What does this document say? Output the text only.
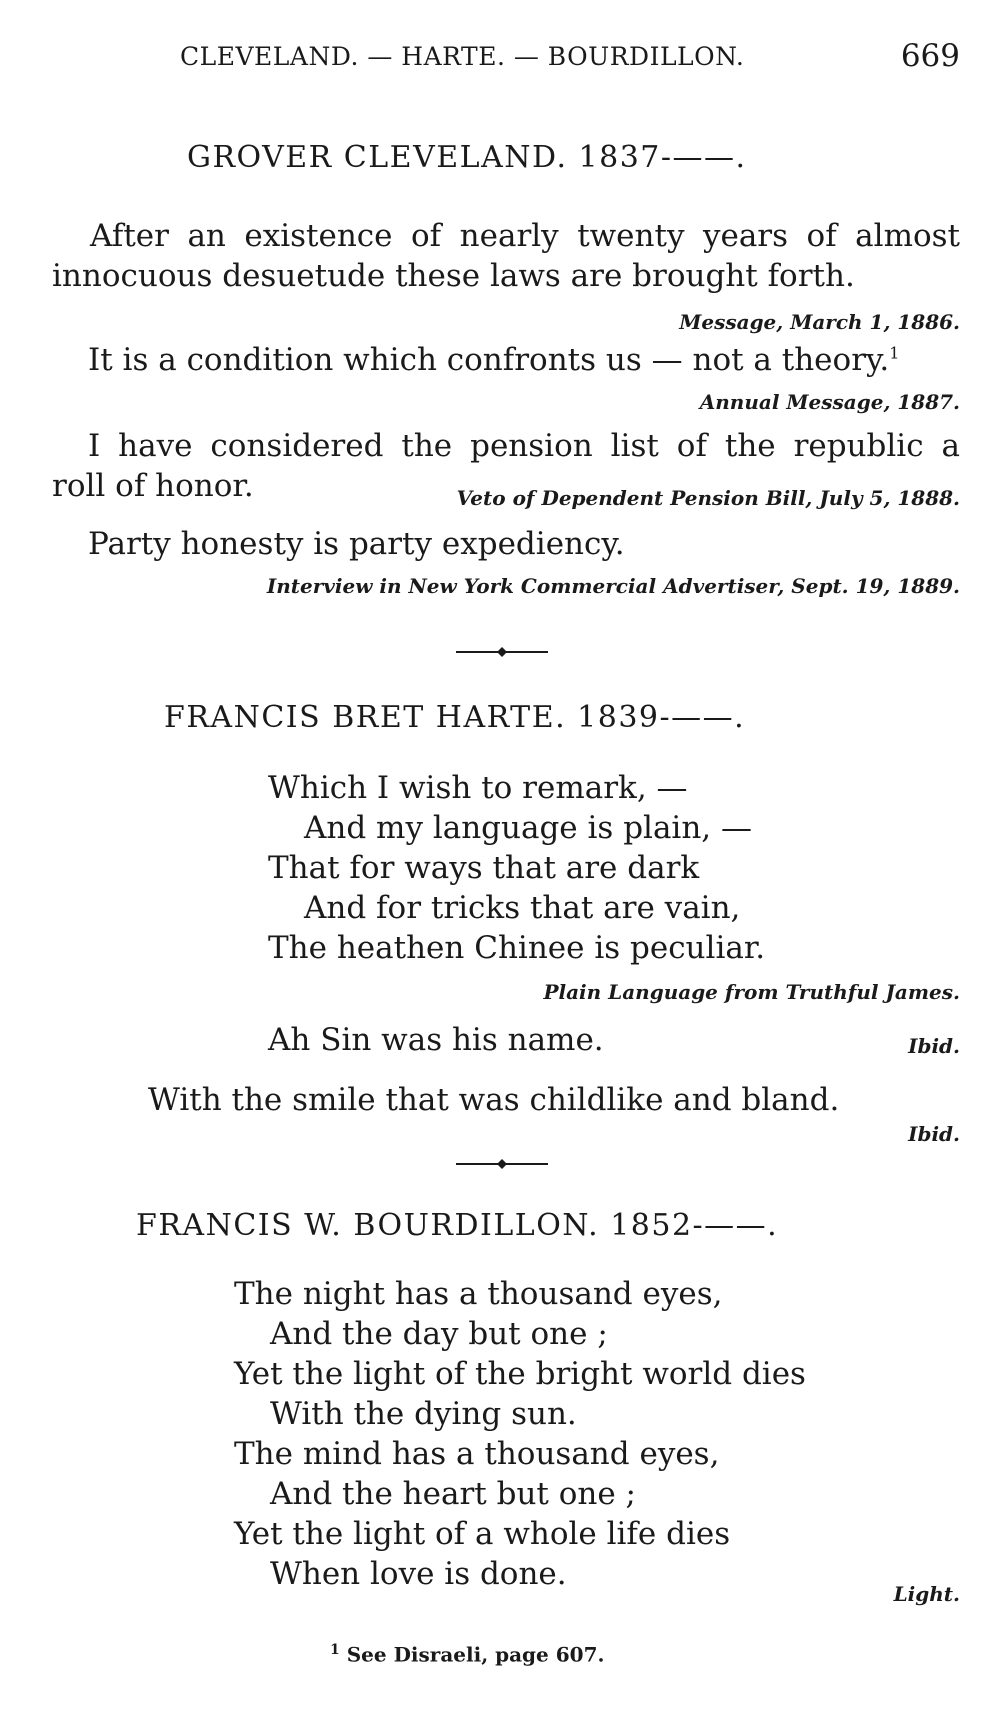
CLEVELAND. — HARTE. — BOURDILLON.	669
GROVER CLEVELAND. 1837-——.
After an existence of nearly twenty years of almost
innocuous desuetude these laws are brought forth.
Message, March 1, 1886.
It is a condition which confronts us — not a theory.$^1$
Annual Message, 1887.
I have considered the pension list of the republic a
roll of honor.	Veto of Dependent Pension Bill, July 5, 1888.
Party honesty is party expediency.
Interview in New York Commercial Advertiser, Sept. 19, 1889.
FRANCIS BRET HARTE. 1839-——.
Which I wish to remark, —
And my language is plain, —
That for ways that are dark
And for tricks that are vain,
The heathen Chinee is peculiar.
Plain Language from Truthful James.
Ah Sin was his name.	Ibid.
With the smile that was childlike and bland.
Ibid.
FRANCIS W. BOURDILLON. 1852-——.
The night has a thousand eyes,
And the day but one ;
Yet the light of the bright world dies
With the dying sun.
The mind has a thousand eyes,
And the heart but one ;
Yet the light of a whole life dies
When love is done.
Light.
$^1$ See Disraeli, page 607.
